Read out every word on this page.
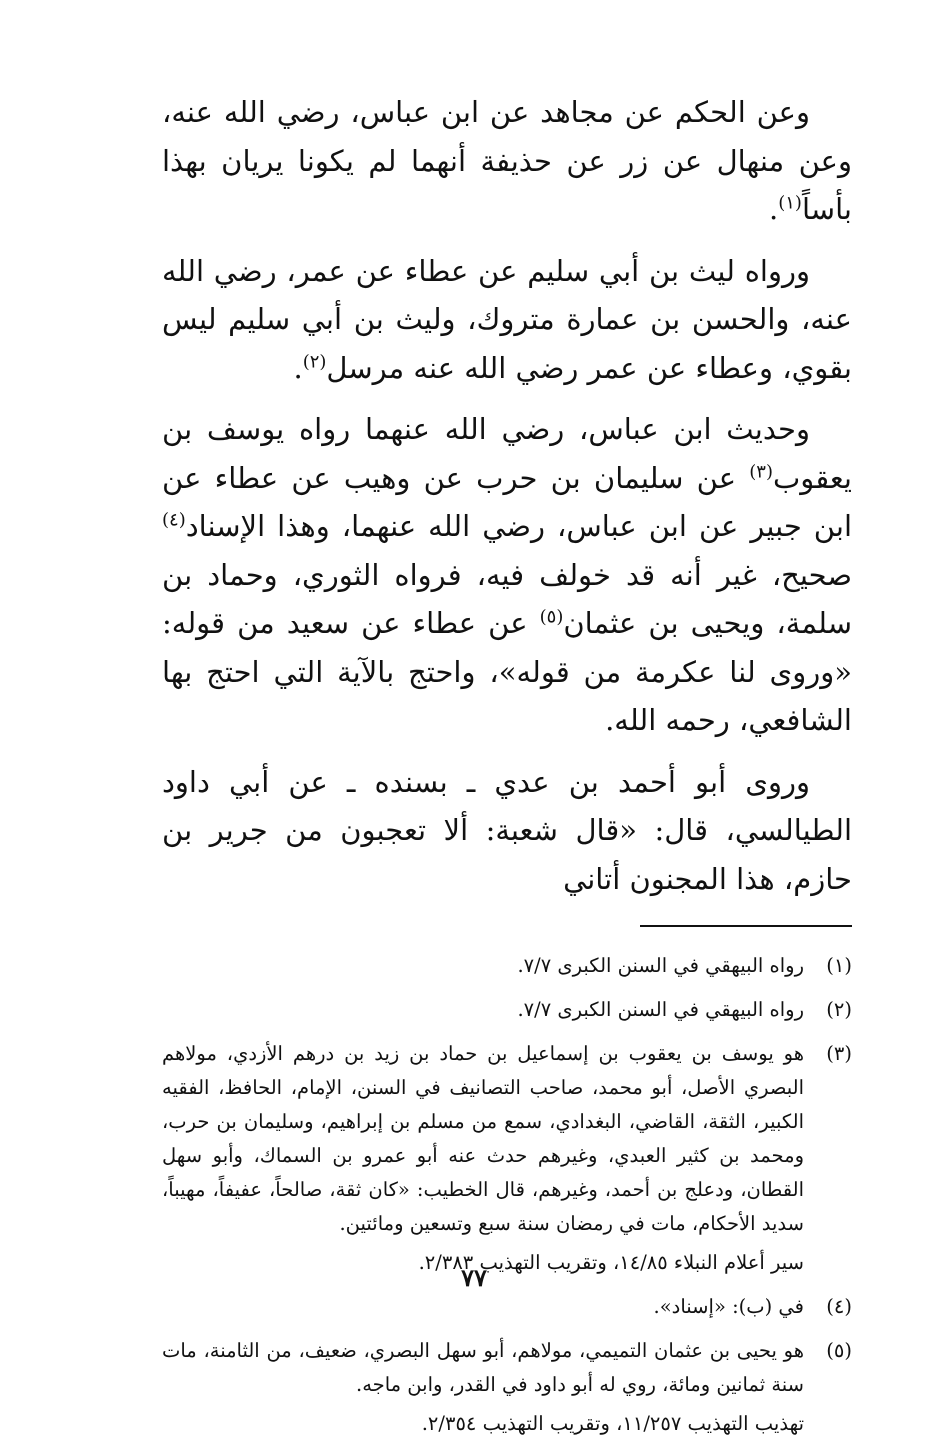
وعن الحكم عن مجاهد عن ابن عباس، رضي الله عنه، وعن منهال عن زر عن حذيفة أنهما لم يكونا يريان بهذا بأساً$^{(١)}$.

ورواه ليث بن أبي سليم عن عطاء عن عمر، رضي الله عنه، والحسن بن عمارة متروك، وليث بن أبي سليم ليس بقوي، وعطاء عن عمر رضي الله عنه مرسل$^{(٢)}$.

وحديث ابن عباس، رضي الله عنهما رواه يوسف بن يعقوب$^{(٣)}$ عن سليمان بن حرب عن وهيب عن عطاء عن ابن جبير عن ابن عباس، رضي الله عنهما، وهذا الإسناد$^{(٤)}$ صحيح، غير أنه قد خولف فيه، فرواه الثوري، وحماد بن سلمة، ويحيى بن عثمان$^{(٥)}$ عن عطاء عن سعيد من قوله: «وروى لنا عكرمة من قوله»، واحتج بالآية التي احتج بها الشافعي، رحمه الله.

وروى أبو أحمد بن عدي ـ بسنده ـ عن أبي داود الطيالسي، قال: «قال شعبة: ألا تعجبون من جرير بن حازم، هذا المجنون أتاني

(١)
رواه البيهقي في السنن الكبرى ٧/٧.
(٢)
رواه البيهقي في السنن الكبرى ٧/٧.
(٣)
هو يوسف بن يعقوب بن إسماعيل بن حماد بن زيد بن درهم الأزدي، مولاهم البصري الأصل، أبو محمد، صاحب التصانيف في السنن، الإمام، الحافظ، الفقيه الكبير، الثقة، القاضي، البغدادي، سمع من مسلم بن إبراهيم، وسليمان بن حرب، ومحمد بن كثير العبدي، وغيرهم حدث عنه أبو عمرو بن السماك، وأبو سهل القطان، ودعلج بن أحمد، وغيرهم، قال الخطيب: «كان ثقة، صالحاً، عفيفاً، مهيباً، سديد الأحكام، مات في رمضان سنة سبع وتسعين ومائتين.
سير أعلام النبلاء ١٤/٨٥، وتقريب التهذيب ٢/٣٨٣.
(٤)
في (ب): «إسناد».
(٥)
هو يحيى بن عثمان التميمي، مولاهم، أبو سهل البصري، ضعيف، من الثامنة، مات سنة ثمانين ومائة، روي له أبو داود في القدر، وابن ماجه.
تهذيب التهذيب ١١/٢٥٧، وتقريب التهذيب ٢/٣٥٤.
٧٧
